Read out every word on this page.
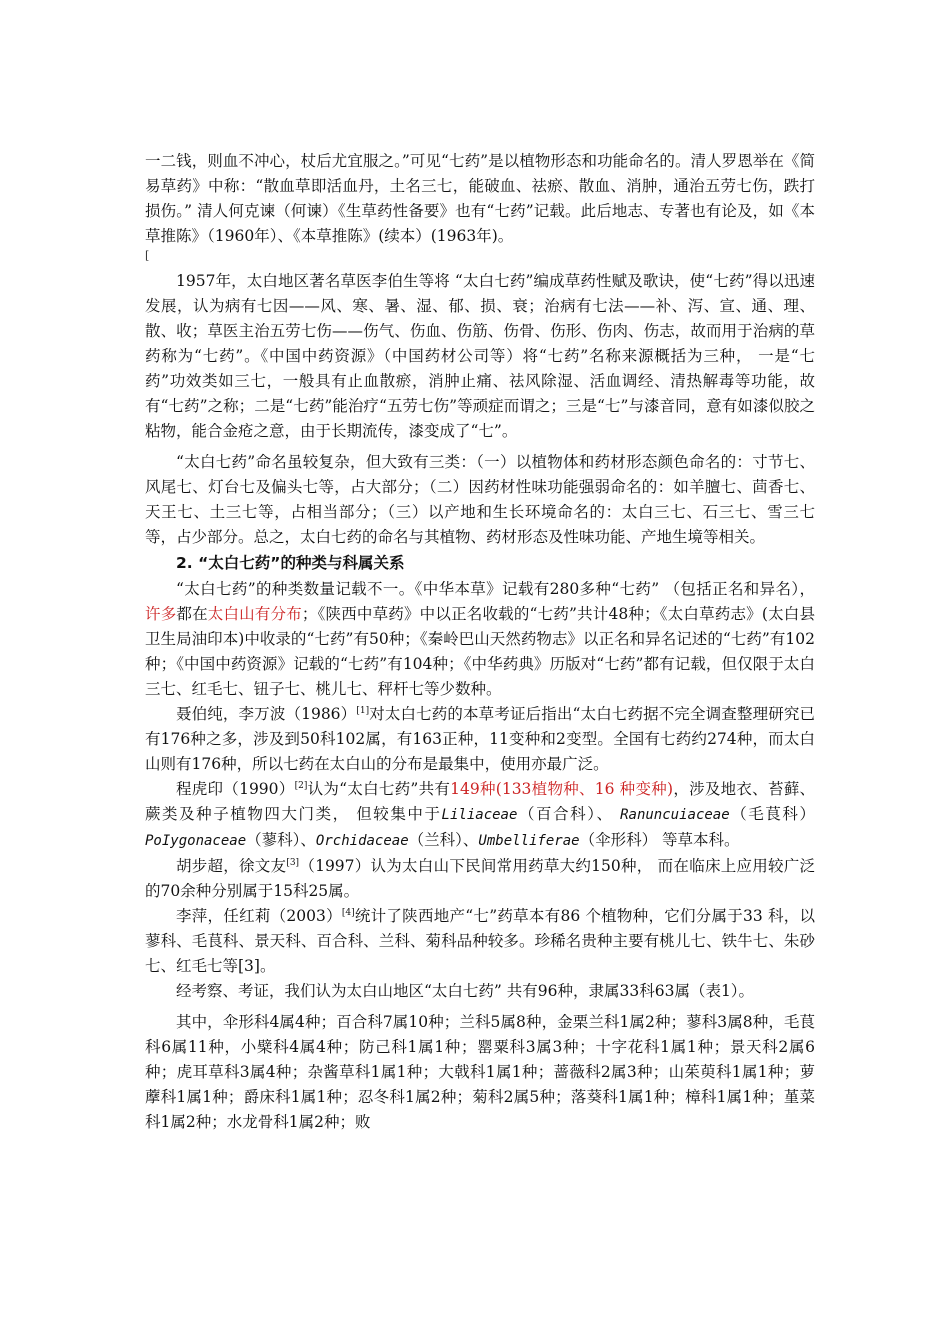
一二钱，则血不冲心，杖后尤宜服之。”可见“七药”是以植物形态和功能命名的。清人罗恩举在《简易草药》中称：“散血草即活血丹，土名三七，能破血、祛瘀、散血、消肿，通治五劳七伤，跌打损伤。” 清人何克谏（何谏）《生草药性备要》也有“七药”记载。此后地志、专著也有论及，如《本草推陈》（1960年）、《本草推陈》(续本）(1963年)。

[

1957年，太白地区著名草医李伯生等将 “太白七药”编成草药性赋及歌诀，使“七药”得以迅速发展，认为病有七因——风、寒、暑、湿、郁、损、衰；治病有七法——补、泻、宣、通、理、散、收；草医主治五劳七伤——伤气、伤血、伤筋、伤骨、伤形、伤肉、伤志，故而用于治病的草药称为“七药”。《中国中药资源》（中国药材公司等）将“七药”名称来源概括为三种， 一是“七药”功效类如三七，一般具有止血散瘀，消肿止痛、祛风除湿、活血调经、清热解毒等功能，故有“七药”之称；二是“七药”能治疗“五劳七伤”等顽症而谓之；三是“七”与漆音同，意有如漆似胶之粘物，能合金疮之意，由于长期流传，漆变成了“七”。

“太白七药”命名虽较复杂，但大致有三类：（一）以植物体和药材形态颜色命名的：寸节七、风尾七、灯台七及偏头七等，占大部分；（二）因药材性味功能强弱命名的：如羊膻七、茴香七、天王七、土三七等，占相当部分；（三）以产地和生长环境命名的：太白三七、石三七、雪三七等，占少部分。总之，太白七药的命名与其植物、药材形态及性味功能、产地生境等相关。

2. “太白七药”的种类与科属关系

“太白七药”的种类数量记载不一。《中华本草》记载有280多种“七药” （包括正名和异名），许多都在太白山有分布；《陕西中草药》中以正名收载的“七药”共计48种；《太白草药志》(太白县卫生局油印本)中收录的“七药”有50种；《秦岭巴山天然药物志》以正名和异名记述的“七药”有102种；《中国中药资源》记载的“七药”有104种；《中华药典》历版对“七药”都有记载，但仅限于太白三七、红毛七、钮子七、桃儿七、秤杆七等少数种。

聂伯纯，李万波（1986）[1]对太白七药的本草考证后指出“太白七药据不完全调查整理研究已有176种之多，涉及到50科102属，有163正种，11变种和2变型。全国有七药约274种，而太白山则有176种，所以七药在太白山的分布是最集中，使用亦最广泛。

程虎印（1990）[2]认为“太白七药”共有149种(133植物种、16 种变种)，涉及地衣、苔藓、蕨类及种子植物四大门类， 但较集中于Liliaceae（百合科）、 Ranuncuiaceae（毛茛科）PoIygonaceae（蓼科）、Orchidaceae（兰科）、Umbelliferae（伞形科） 等草本科。

胡步超，徐文友[3]（1997）认为太白山下民间常用药草大约150种， 而在临床上应用较广泛的70余种分别属于15科25属。

李萍，任红莉（2003）[4]统计了陕西地产“七”药草本有86 个植物种，它们分属于33 科，以蓼科、毛茛科、景天科、百合科、兰科、菊科品种较多。珍稀名贵种主要有桃儿七、铁牛七、朱砂七、红毛七等[3]。

经考察、考证，我们认为太白山地区“太白七药” 共有96种，隶属33科63属（表1）。

其中，伞形科4属4种；百合科7属10种；兰科5属8种，金栗兰科1属2种；蓼科3属8种，毛茛科6属11种，小檗科4属4种；防己科1属1种；罂粟科3属3种；十字花科1属1种；景天科2属6种；虎耳草科3属4种；杂酱草科1属1种；大戟科1属1种；蔷薇科2属3种；山茱萸科1属1种；萝藦科1属1种；爵床科1属1种；忍冬科1属2种；菊科2属5种；落葵科1属1种；樟科1属1种；堇菜科1属2种；水龙骨科1属2种；败
